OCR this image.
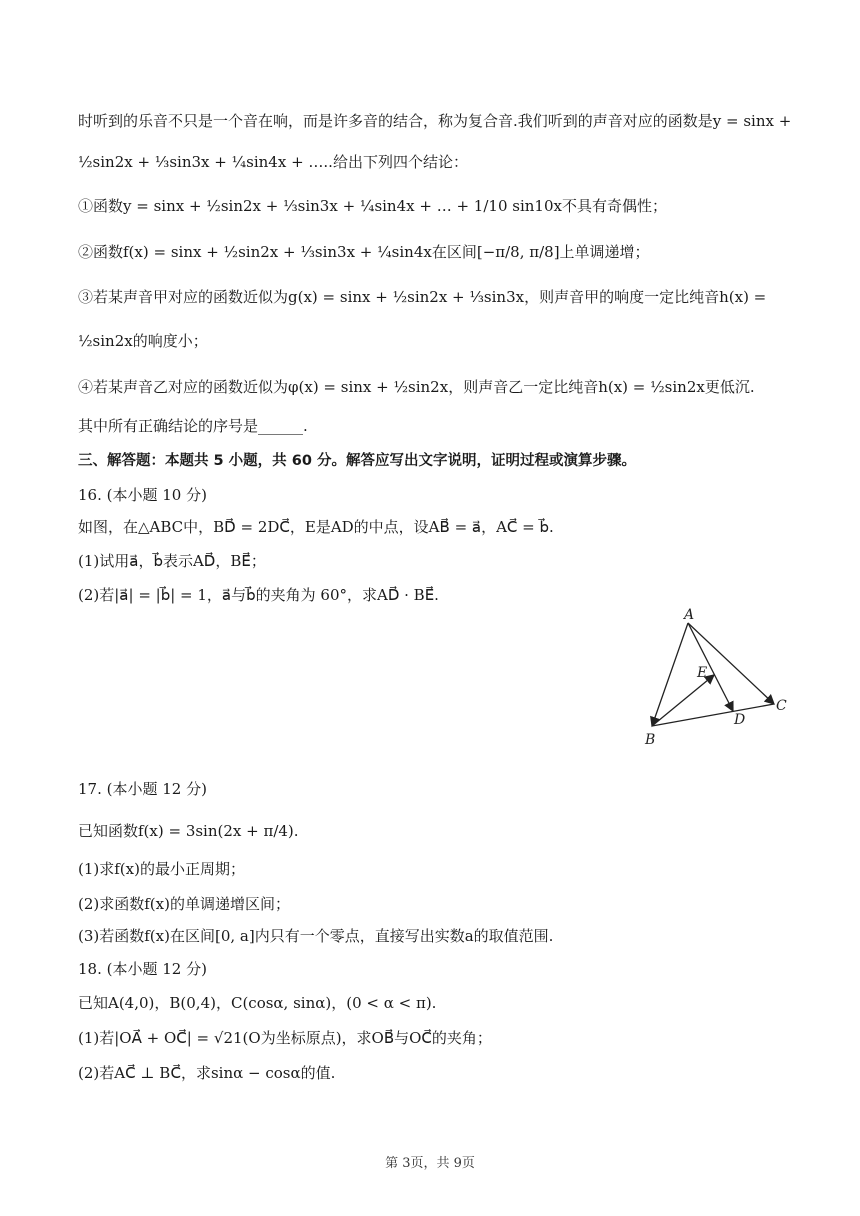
时听到的乐音不只是一个音在响，而是许多音的结合，称为复合音.我们听到的声音对应的函数是y = sinx +
½sin2x + ⅓sin3x + ¼sin4x + …..给出下列四个结论：
①函数y = sinx + ½sin2x + ⅓sin3x + ¼sin4x + … + 1/10 sin10x不具有奇偶性；
②函数f(x) = sinx + ½sin2x + ⅓sin3x + ¼sin4x在区间[−π/8, π/8]上单调递增；
③若某声音甲对应的函数近似为g(x) = sinx + ½sin2x + ⅓sin3x，则声音甲的响度一定比纯音h(x) =
½sin2x的响度小；
④若某声音乙对应的函数近似为φ(x) = sinx + ½sin2x，则声音乙一定比纯音h(x) = ½sin2x更低沉.
其中所有正确结论的序号是______.
三、解答题：本题共 5 小题，共 60 分。解答应写出文字说明，证明过程或演算步骤。
16. (本小题 10 分)
如图，在△ABC中，BD⃗ = 2DC⃗，E是AD的中点，设AB⃗ = a⃗，AC⃗ = b⃗.
(1)试用a⃗，b⃗表示AD⃗，BE⃗；
(2)若|a⃗| = |b⃗| = 1，a⃗与b⃗的夹角为 60°，求AD⃗ · BE⃗.
A
E
C
D
B
17. (本小题 12 分)
已知函数f(x) = 3sin(2x + π/4).
(1)求f(x)的最小正周期；
(2)求函数f(x)的单调递增区间；
(3)若函数f(x)在区间[0, a]内只有一个零点，直接写出实数a的取值范围.
18. (本小题 12 分)
已知A(4,0)，B(0,4)，C(cosα, sinα)，(0 < α < π).
(1)若|OA⃗ + OC⃗| = √21(O为坐标原点)，求OB⃗与OC⃗的夹角；
(2)若AC⃗ ⊥ BC⃗，求sinα − cosα的值.
第 3页，共 9页
